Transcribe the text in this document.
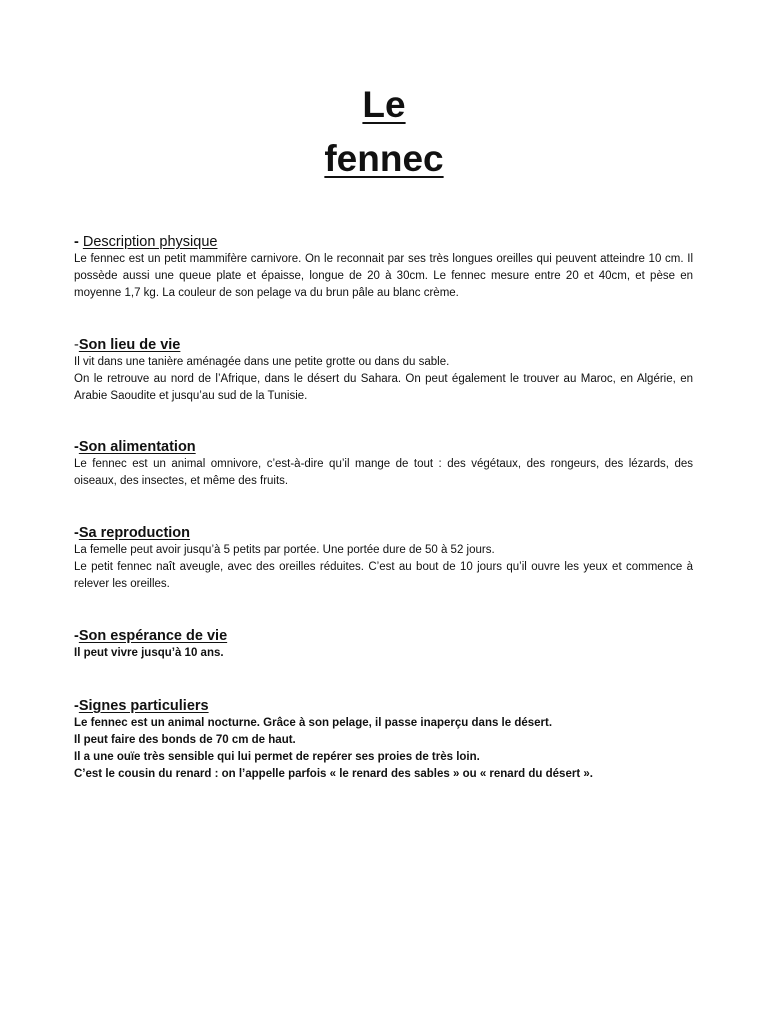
Le
fennec

- Description physique

Le fennec est un petit mammifère carnivore. On le reconnait par ses très longues oreilles qui peuvent atteindre 10 cm. Il possède aussi une queue plate et épaisse, longue de 20 à 30cm. Le fennec mesure entre 20 et 40cm, et pèse en moyenne 1,7 kg. La couleur de son pelage va du brun pâle au blanc crème.

-Son lieu de vie

Il vit dans une tanière aménagée dans une petite grotte ou dans du sable.

On le retrouve au nord de l’Afrique, dans le désert du Sahara. On peut également le trouver au Maroc, en Algérie, en Arabie Saoudite et jusqu’au sud de la Tunisie.

-Son alimentation

Le fennec est un animal omnivore, c’est-à-dire qu’il mange de tout : des végétaux, des rongeurs, des lézards, des oiseaux, des insectes, et même des fruits.

-Sa reproduction

La femelle peut avoir jusqu’à 5 petits par portée. Une portée dure de 50 à 52 jours.

Le petit fennec naît aveugle, avec des oreilles réduites. C’est au bout de 10 jours qu’il ouvre les yeux et commence à relever les oreilles.

-Son espérance de vie

Il peut vivre jusqu’à 10 ans.

-Signes particuliers

Le fennec est un animal nocturne. Grâce à son pelage, il passe inaperçu dans le désert.

Il peut faire des bonds de 70 cm de haut.

Il a une ouïe très sensible qui lui permet de repérer ses proies de très loin.

C’est le cousin du renard : on l’appelle parfois « le renard des sables » ou « renard du désert ».
